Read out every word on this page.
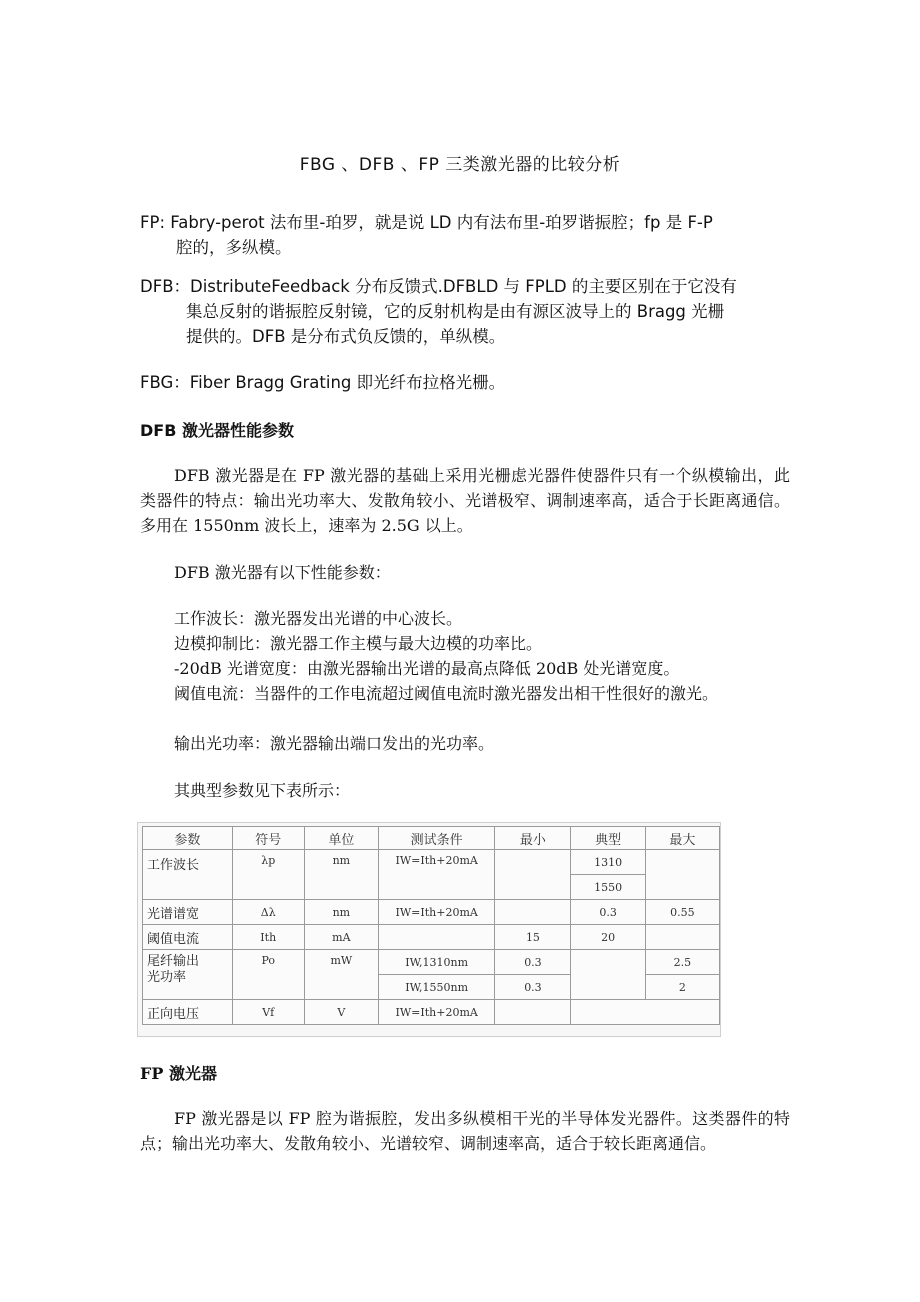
FBG 、DFB 、FP 三类激光器的比较分析

FP: Fabry-perot 法布里-珀罗，就是说 LD 内有法布里-珀罗谐振腔；fp 是 F-P
腔的，多纵模。

DFB：DistributeFeedback 分布反馈式.DFBLD 与 FPLD 的主要区别在于它没有
集总反射的谐振腔反射镜，它的反射机构是由有源区波导上的 Bragg 光栅
提供的。DFB 是分布式负反馈的，单纵模。

FBG：Fiber Bragg Grating 即光纤布拉格光栅。

DFB 激光器性能参数

DFB 激光器是在 FP 激光器的基础上采用光栅虑光器件使器件只有一个纵模输出，此类器件的特点：输出光功率大、发散角较小、光谱极窄、调制速率高，适合于长距离通信。多用在 1550nm 波长上，速率为 2.5G 以上。

DFB 激光器有以下性能参数：
工作波长：激光器发出光谱的中心波长。
边模抑制比：激光器工作主模与最大边模的功率比。
-20dB 光谱宽度：由激光器输出光谱的最高点降低 20dB 处光谱宽度。

阈值电流：当器件的工作电流超过阈值电流时激光器发出相干性很好的激光。

输出光功率：激光器输出端口发出的光功率。
其典型参数见下表所示：
参数	符号	单位	测试条件	最小	典型	最大
工作波长	λp	nm	IW=Ith+20mA		1310	
					1550	
光谱谱宽	Δλ	nm	IW=Ith+20mA		0.3	0.55
阈值电流	Ith	mA		15	20	
尾纤输出
光功率	Po	mW	IW,1310nm	0.3		2.5
			IW,1550nm	0.3		2
正向电压	Vf	V	IW=Ith+20mA			
FP 激光器

FP 激光器是以 FP 腔为谐振腔，发出多纵模相干光的半导体发光器件。这类器件的特点；输出光功率大、发散角较小、光谱较窄、调制速率高，适合于较长距离通信。
